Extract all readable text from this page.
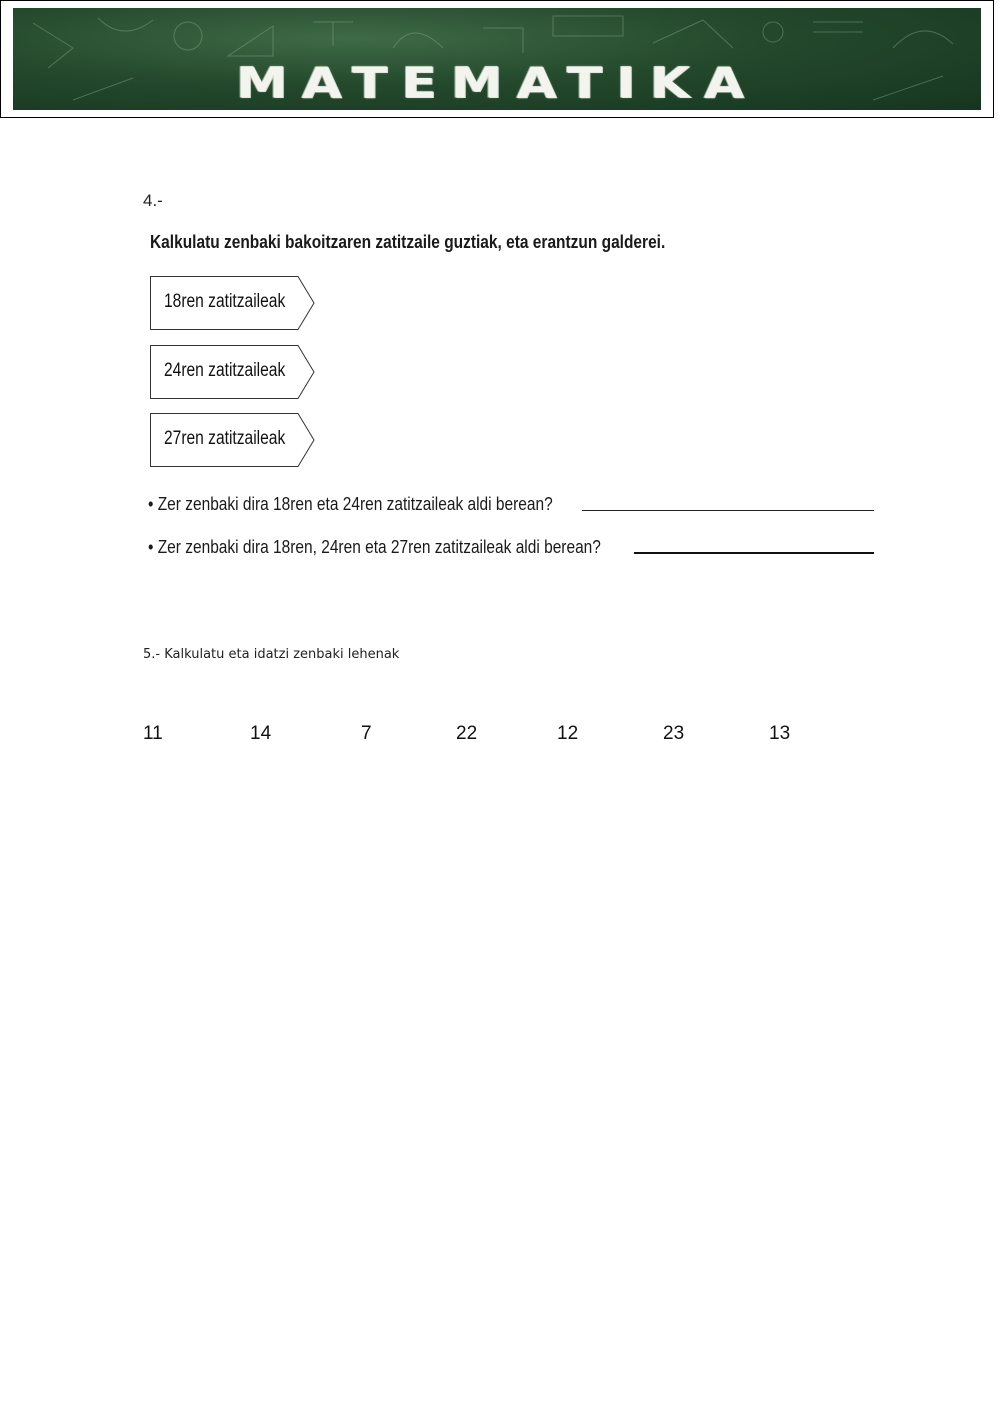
MATEMATIKA
4.-
Kalkulatu zenbaki bakoitzaren zatitzaile guztiak, eta erantzun galderei.
18ren zatitzaileak
24ren zatitzaileak
27ren zatitzaileak
• Zer zenbaki dira 18ren eta 24ren zatitzaileak aldi berean?
• Zer zenbaki dira 18ren, 24ren eta 27ren zatitzaileak aldi berean?
5.- Kalkulatu eta idatzi zenbaki lehenak
11	14	7	22	12	23	13
